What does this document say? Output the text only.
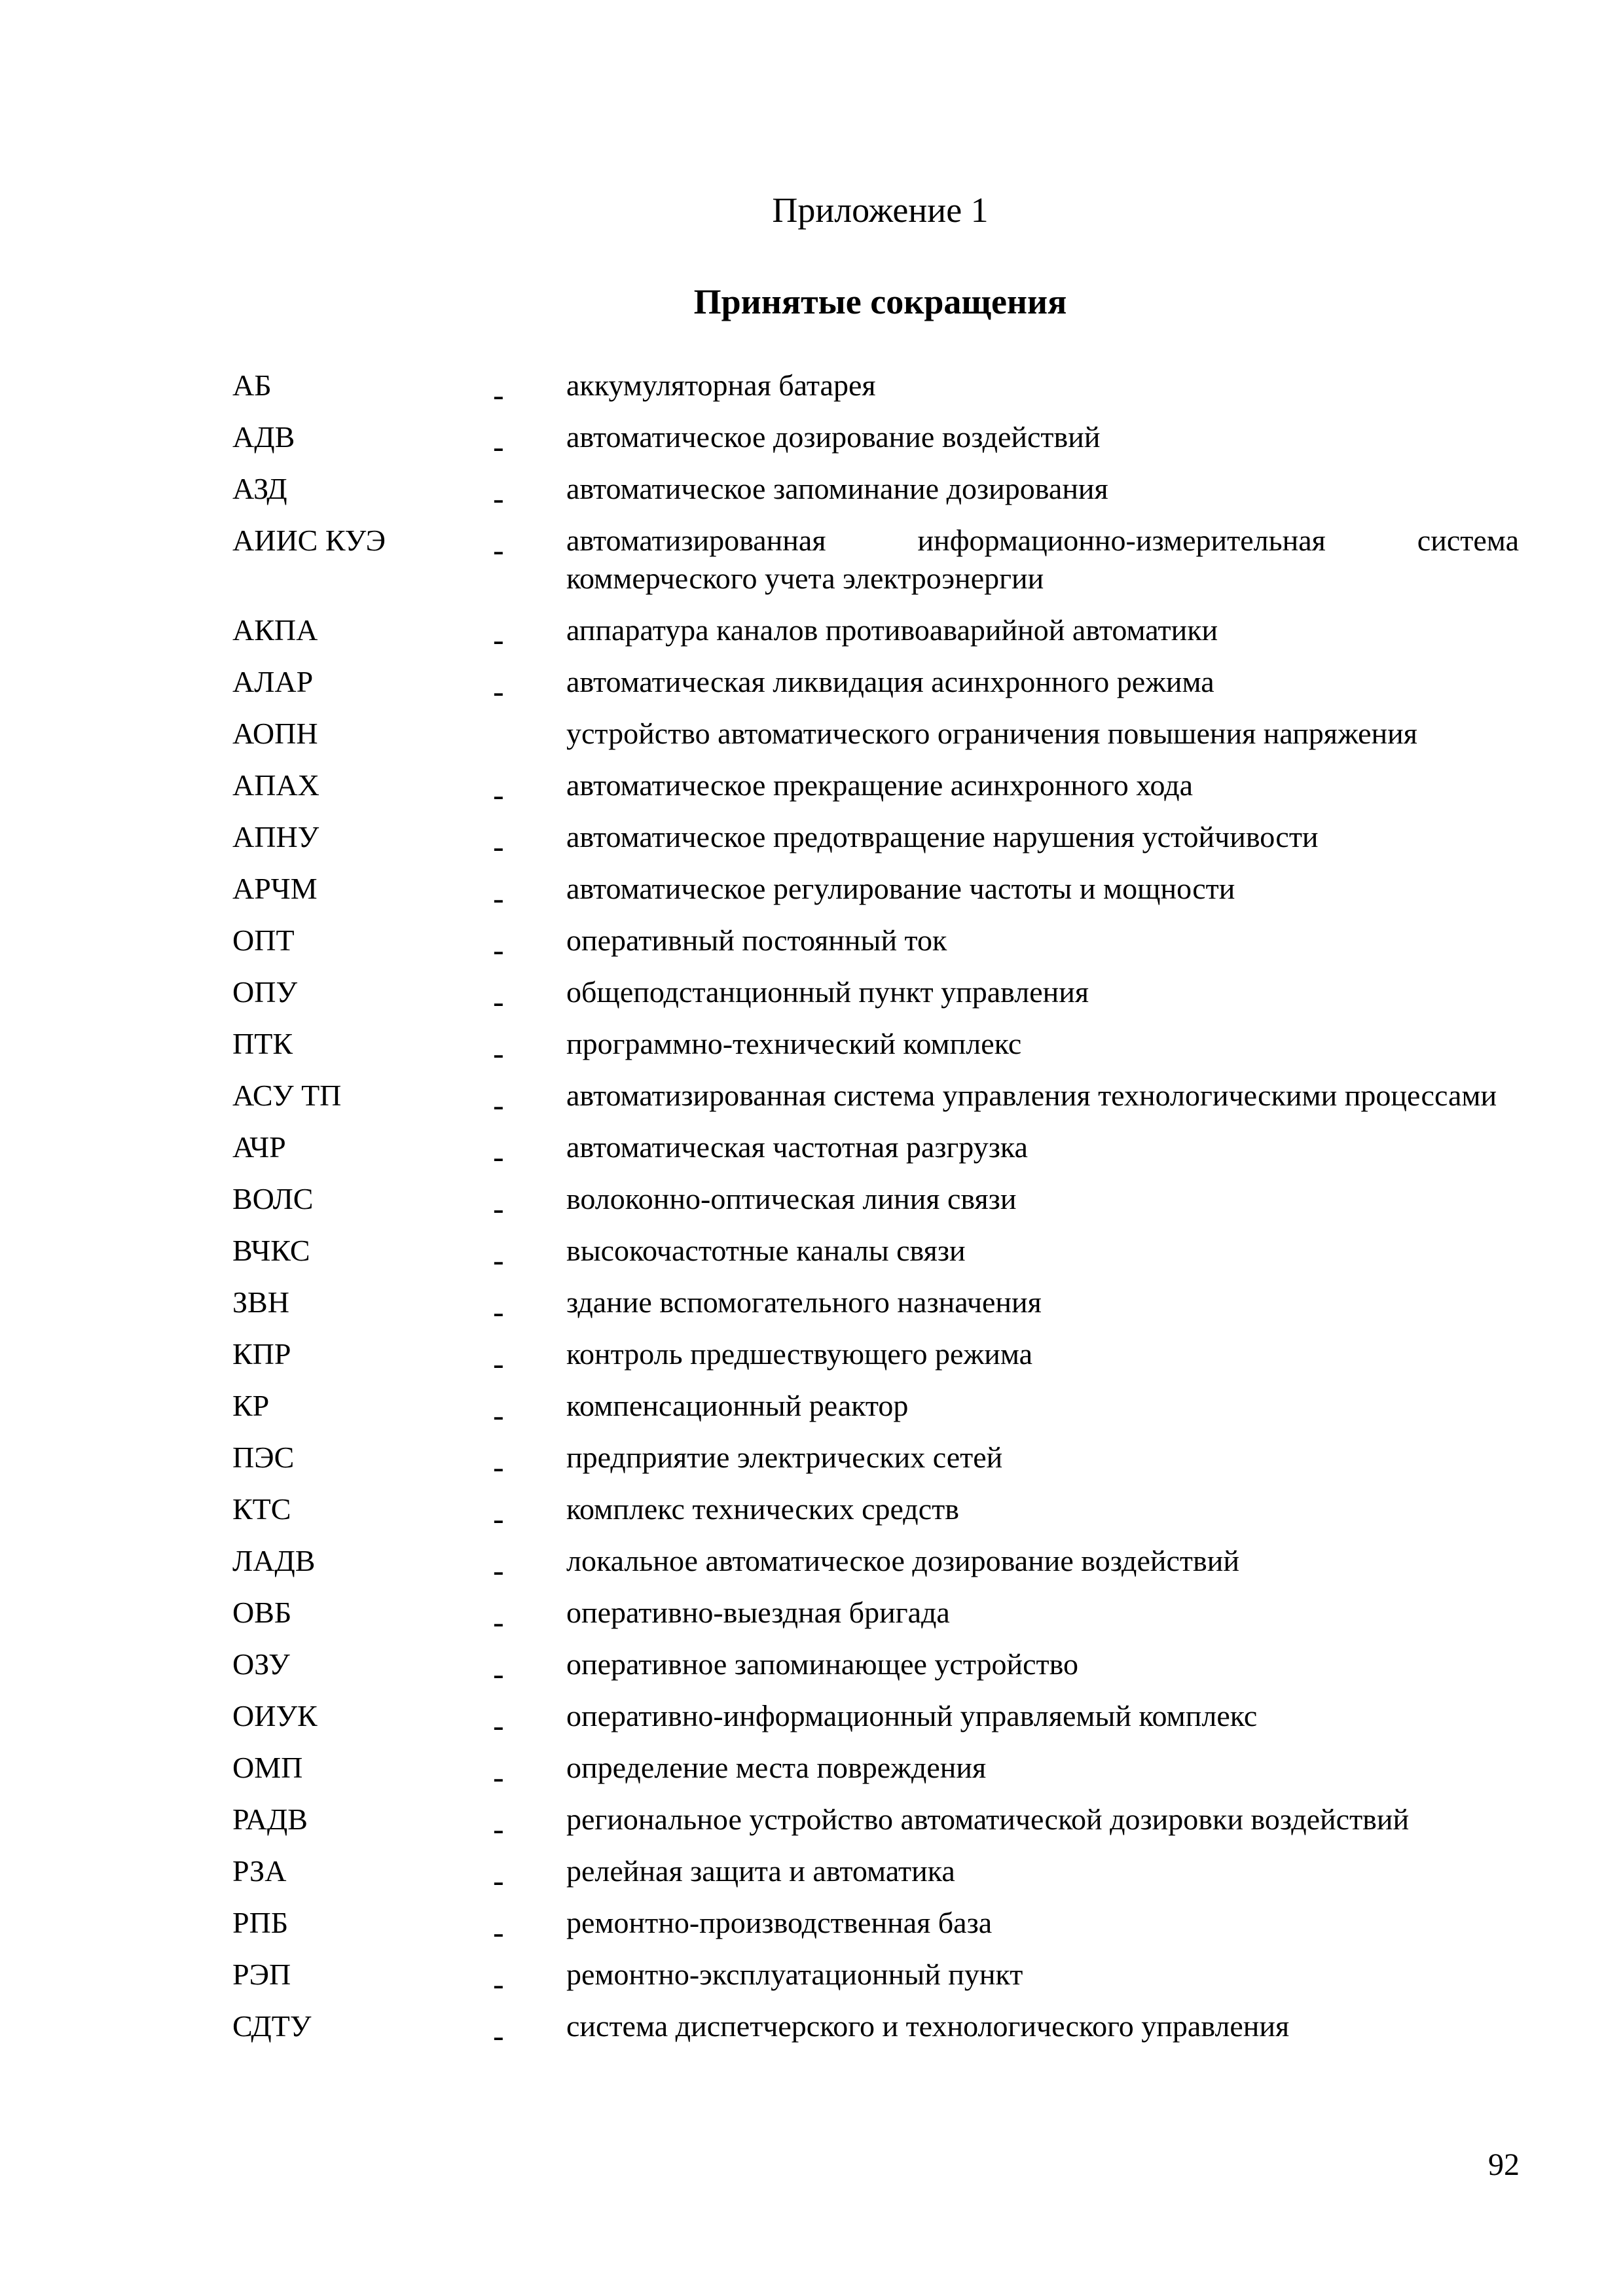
Приложение 1
Принятые сокращения
АБ	- аккумуляторная батарея
АДВ	- автоматическое дозирование воздействий
АЗД	- автоматическое запоминание дозирования
АИИС КУЭ	- автоматизированная информационно-измерительная система коммерческого учета электроэнергии
АКПА	- аппаратура каналов противоаварийной автоматики
АЛАР	- автоматическая ликвидация асинхронного режима
АОПН	устройство автоматического ограничения повышения напряжения
АПАХ	- автоматическое прекращение асинхронного хода
АПНУ	- автоматическое предотвращение нарушения устойчивости
АРЧМ	- автоматическое регулирование частоты и мощности
ОПТ	- оперативный постоянный ток
ОПУ	- общеподстанционный пункт управления
ПТК	- программно-технический комплекс
АСУ ТП	- автоматизированная система управления технологическими процессами
АЧР	- автоматическая частотная разгрузка
ВОЛС	- волоконно-оптическая линия связи
ВЧКС	- высокочастотные каналы связи
ЗВН	- здание вспомогательного назначения
КПР	- контроль предшествующего режима
КР	- компенсационный реактор
ПЭС	- предприятие электрических сетей
КТС	- комплекс технических средств
ЛАДВ	- локальное автоматическое дозирование воздействий
ОВБ	- оперативно-выездная бригада
ОЗУ	- оперативное запоминающее устройство
ОИУК	- оперативно-информационный управляемый комплекс
ОМП	- определение места повреждения
РАДВ	- региональное устройство автоматической дозировки воздействий
РЗА	- релейная защита и автоматика
РПБ	- ремонтно-производственная база
РЭП	- ремонтно-эксплуатационный пункт
СДТУ	- система диспетчерского и технологического управления
92
